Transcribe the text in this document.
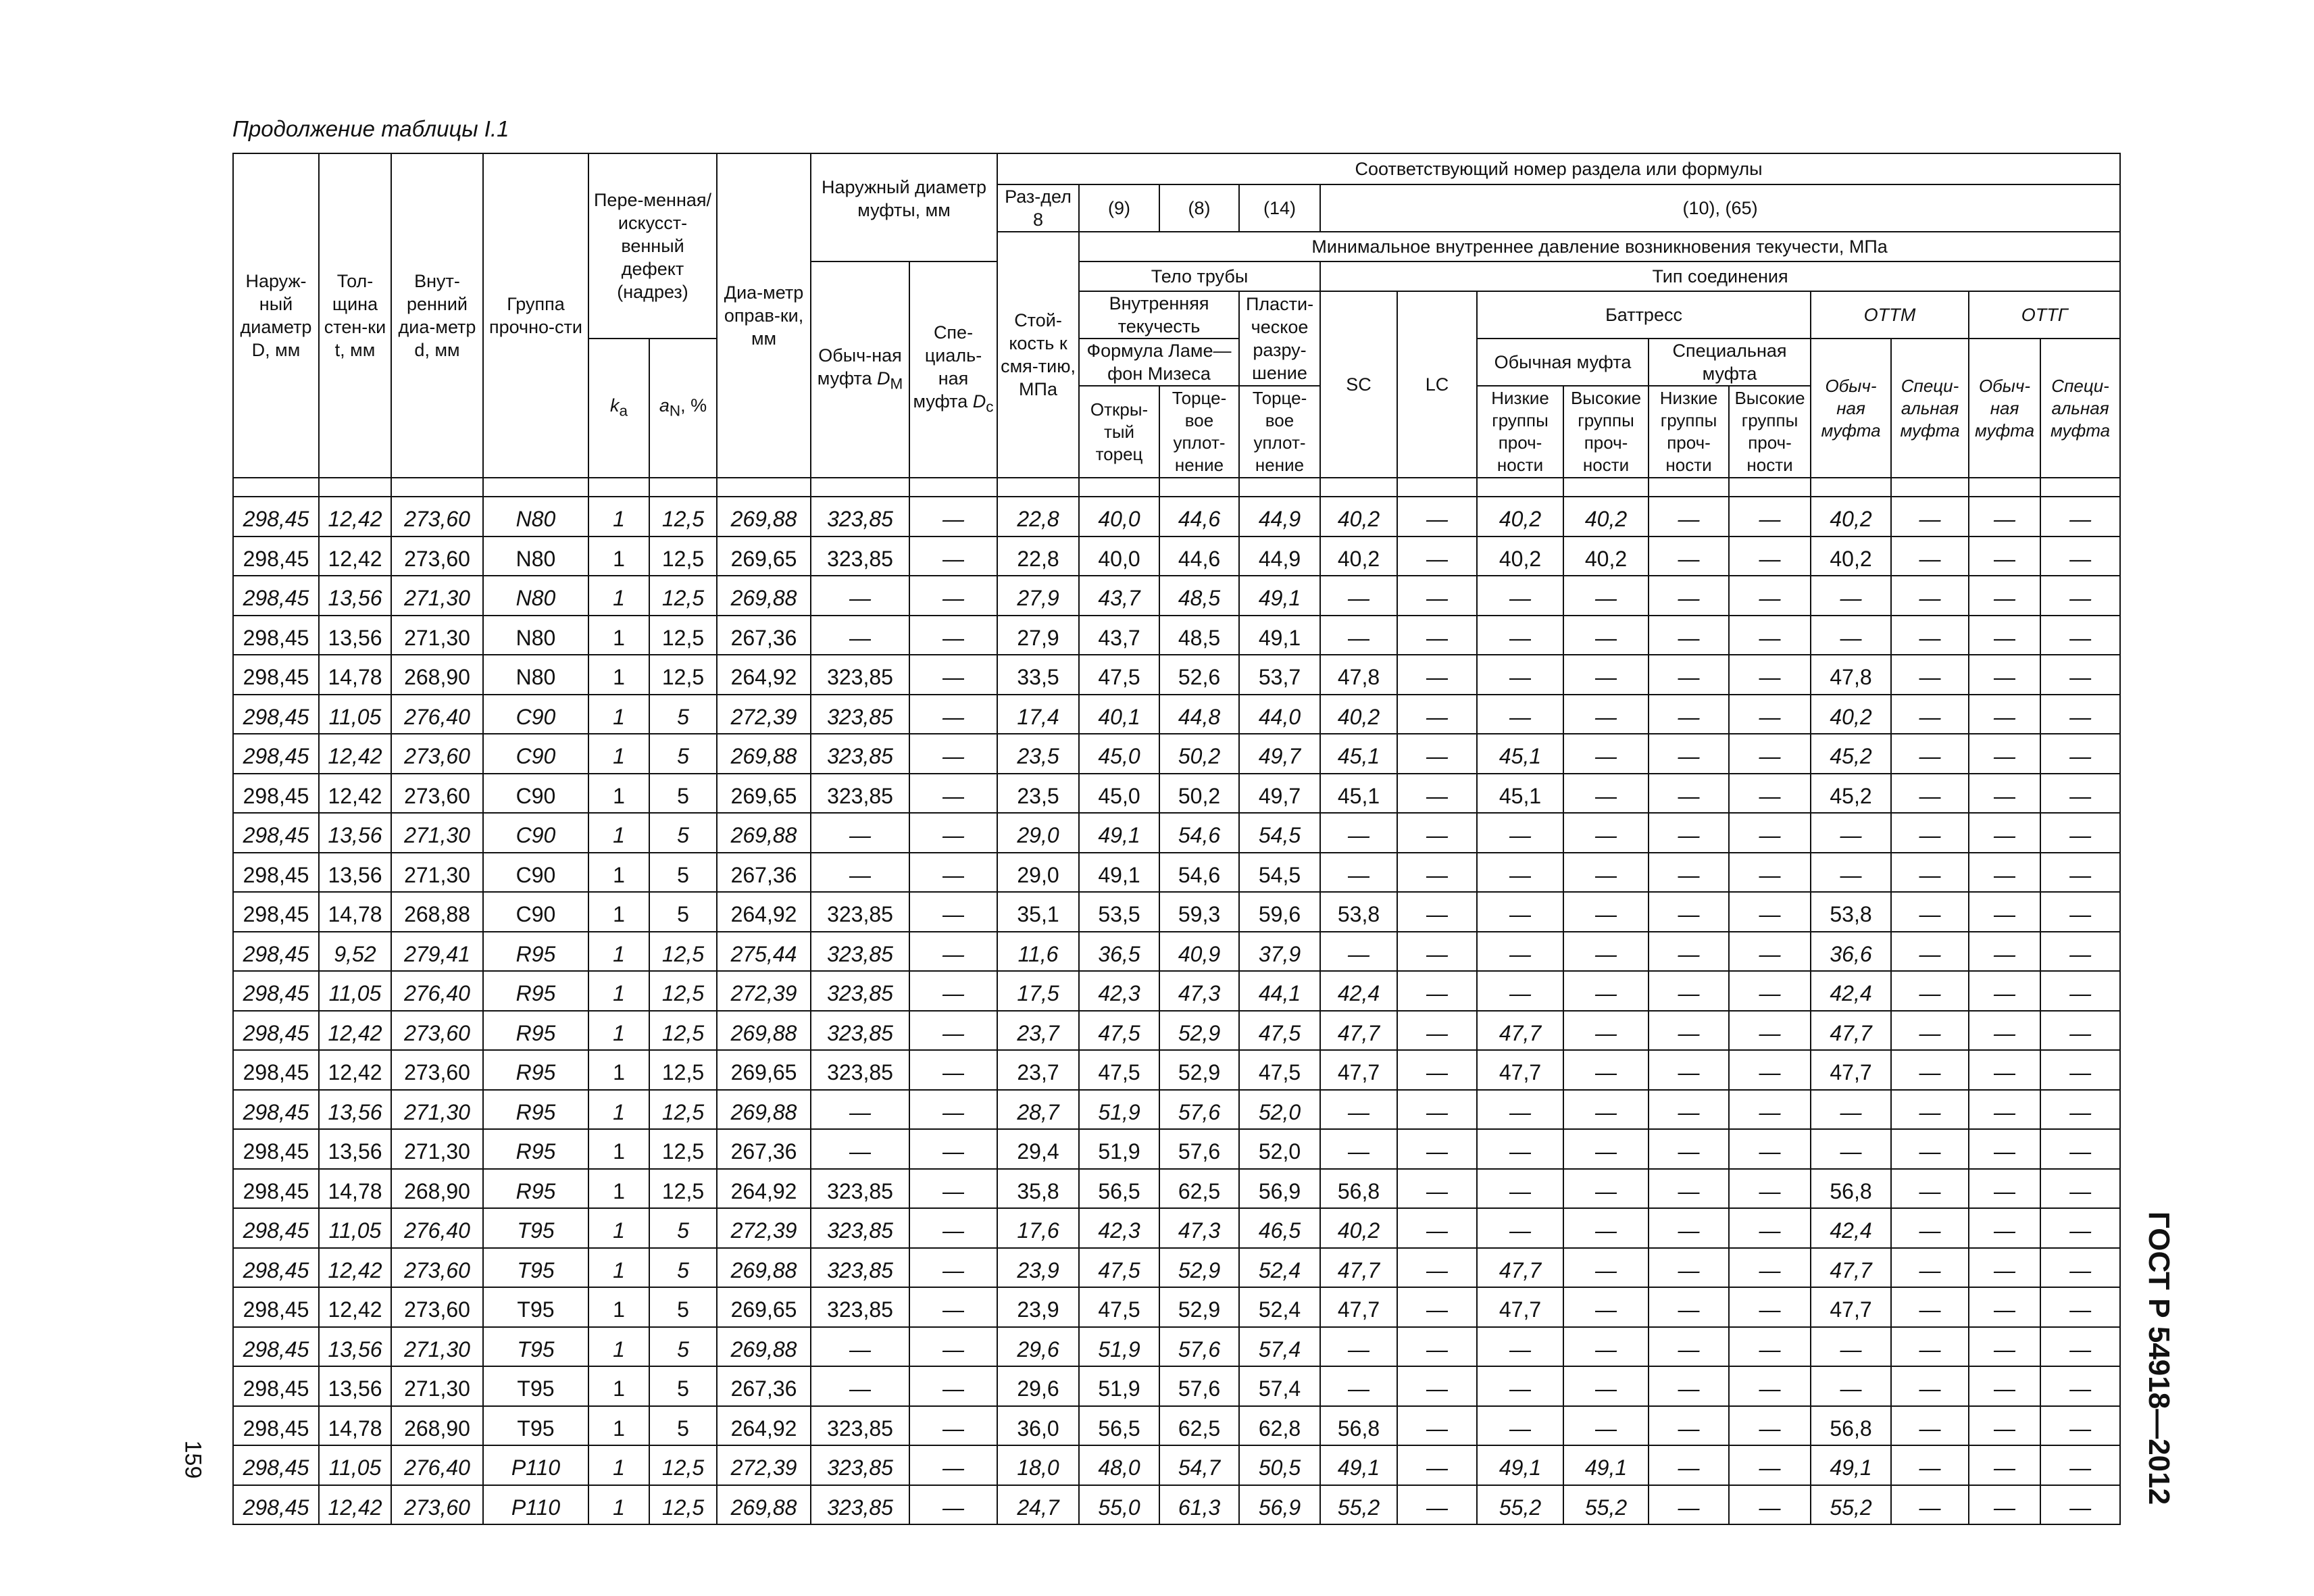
Продолжение таблицы I.1
Наруж-ный диаметр D, мм	Тол-щина стен-ки t, мм	Внут-ренний диа-метр d, мм	Группа прочно-сти	Пере-менная/ искусст-венный дефект (надрез)		Диа-метр оправ-ки, мм	Наружный диаметр муфты, мм		Соответствующий номер раздела или формулы													
									Раз-дел 8	(9)	(8)	(14)	(10), (65)									

									Стой-кость к смя-тию, МПа	Минимальное внутреннее давление возникновения текучести, МПа												
							Обыч-ная муфта $D_М$	Спе-циаль-ная муфта $D_с$		Тело трубы			Тип соединения									
										Внутренняя текучесть		Пласти-ческое разру-шение	SC	LC	Баттресс				ОТТМ		ОТТГ	
										Формула Ламе—фон Мизеса												
				$k_a$	$a_N$, %										Обычная муфта		Специальная муфта		Обыч-ная муфта	Специ-альная муфта	Обыч-ная муфта	Специ-альная муфта
										Откры-тый торец	Торце-вое уплот-нение	Торце-вое уплот-нение			Низкие группы проч-ности	Высокие группы проч-ности	Низкие группы проч-ности	Высокие группы проч-ности				

298,45	12,42	273,60	N80	1	12,5	269,88	323,85	—	22,8	40,0	44,6	44,9	40,2	—	40,2	40,2	—	—	40,2	—	—	—
298,45	12,42	273,60	N80	1	12,5	269,65	323,85	—	22,8	40,0	44,6	44,9	40,2	—	40,2	40,2	—	—	40,2	—	—	—
298,45	13,56	271,30	N80	1	12,5	269,88	—	—	27,9	43,7	48,5	49,1	—	—	—	—	—	—	—	—	—	—
298,45	13,56	271,30	N80	1	12,5	267,36	—	—	27,9	43,7	48,5	49,1	—	—	—	—	—	—	—	—	—	—
298,45	14,78	268,90	N80	1	12,5	264,92	323,85	—	33,5	47,5	52,6	53,7	47,8	—	—	—	—	—	47,8	—	—	—
298,45	11,05	276,40	C90	1	5	272,39	323,85	—	17,4	40,1	44,8	44,0	40,2	—	—	—	—	—	40,2	—	—	—
298,45	12,42	273,60	C90	1	5	269,88	323,85	—	23,5	45,0	50,2	49,7	45,1	—	45,1	—	—	—	45,2	—	—	—
298,45	12,42	273,60	C90	1	5	269,65	323,85	—	23,5	45,0	50,2	49,7	45,1	—	45,1	—	—	—	45,2	—	—	—
298,45	13,56	271,30	C90	1	5	269,88	—	—	29,0	49,1	54,6	54,5	—	—	—	—	—	—	—	—	—	—
298,45	13,56	271,30	C90	1	5	267,36	—	—	29,0	49,1	54,6	54,5	—	—	—	—	—	—	—	—	—	—
298,45	14,78	268,88	C90	1	5	264,92	323,85	—	35,1	53,5	59,3	59,6	53,8	—	—	—	—	—	53,8	—	—	—
298,45	9,52	279,41	R95	1	12,5	275,44	323,85	—	11,6	36,5	40,9	37,9	—	—	—	—	—	—	36,6	—	—	—
298,45	11,05	276,40	R95	1	12,5	272,39	323,85	—	17,5	42,3	47,3	44,1	42,4	—	—	—	—	—	42,4	—	—	—
298,45	12,42	273,60	R95	1	12,5	269,88	323,85	—	23,7	47,5	52,9	47,5	47,7	—	47,7	—	—	—	47,7	—	—	—
298,45	12,42	273,60	R95	1	12,5	269,65	323,85	—	23,7	47,5	52,9	47,5	47,7	—	47,7	—	—	—	47,7	—	—	—
298,45	13,56	271,30	R95	1	12,5	269,88	—	—	28,7	51,9	57,6	52,0	—	—	—	—	—	—	—	—	—	—
298,45	13,56	271,30	R95	1	12,5	267,36	—	—	29,4	51,9	57,6	52,0	—	—	—	—	—	—	—	—	—	—
298,45	14,78	268,90	R95	1	12,5	264,92	323,85	—	35,8	56,5	62,5	56,9	56,8	—	—	—	—	—	56,8	—	—	—
298,45	11,05	276,40	T95	1	5	272,39	323,85	—	17,6	42,3	47,3	46,5	40,2	—	—	—	—	—	42,4	—	—	—
298,45	12,42	273,60	T95	1	5	269,88	323,85	—	23,9	47,5	52,9	52,4	47,7	—	47,7	—	—	—	47,7	—	—	—
298,45	12,42	273,60	T95	1	5	269,65	323,85	—	23,9	47,5	52,9	52,4	47,7	—	47,7	—	—	—	47,7	—	—	—
298,45	13,56	271,30	T95	1	5	269,88	—	—	29,6	51,9	57,6	57,4	—	—	—	—	—	—	—	—	—	—
298,45	13,56	271,30	T95	1	5	267,36	—	—	29,6	51,9	57,6	57,4	—	—	—	—	—	—	—	—	—	—
298,45	14,78	268,90	T95	1	5	264,92	323,85	—	36,0	56,5	62,5	62,8	56,8	—	—	—	—	—	56,8	—	—	—
298,45	11,05	276,40	P110	1	12,5	272,39	323,85	—	18,0	48,0	54,7	50,5	49,1	—	49,1	49,1	—	—	49,1	—	—	—
298,45	12,42	273,60	P110	1	12,5	269,88	323,85	—	24,7	55,0	61,3	56,9	55,2	—	55,2	55,2	—	—	55,2	—	—	—
ГОСТ Р 54918—2012
159
